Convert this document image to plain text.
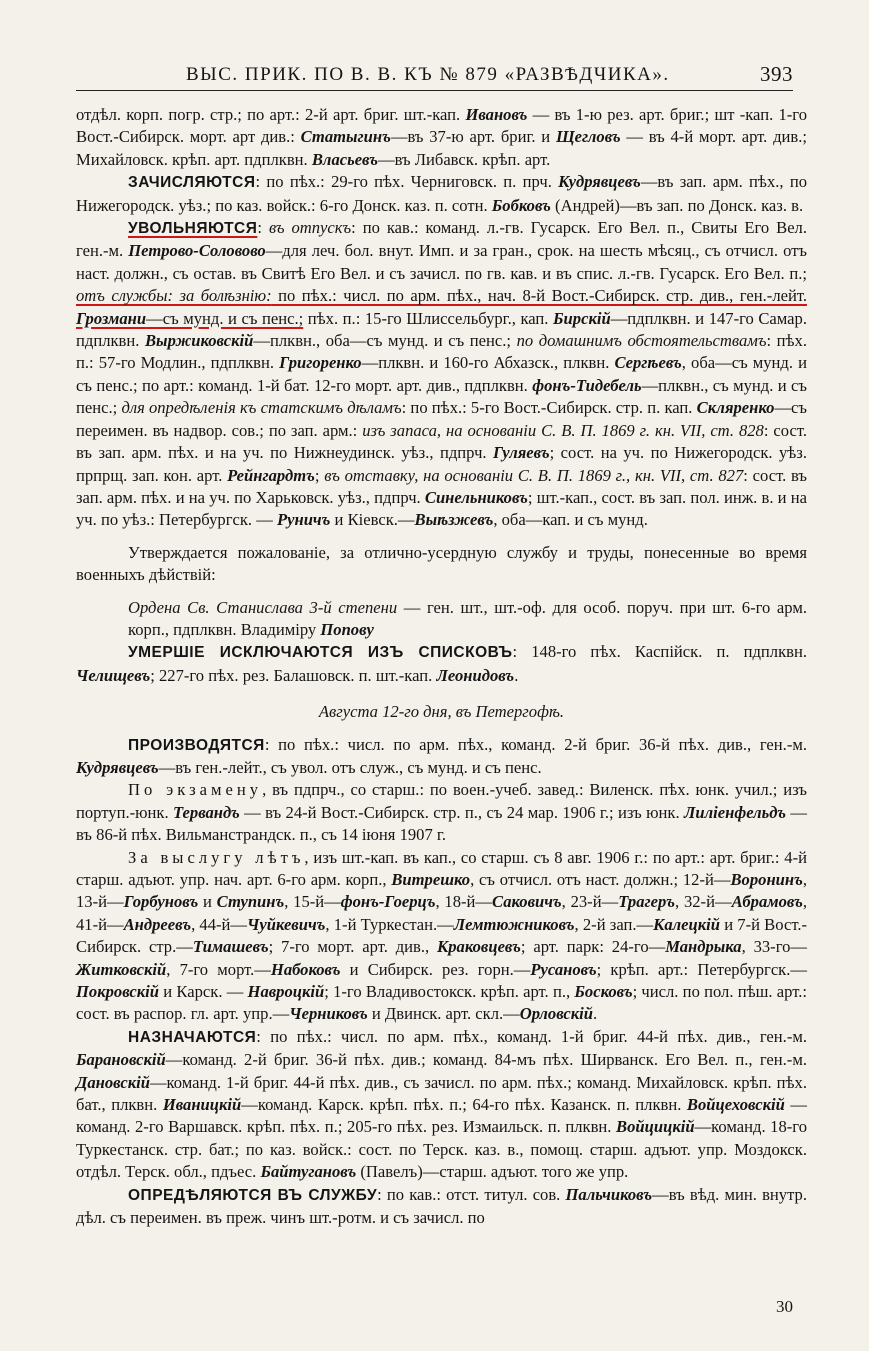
ВЫС. ПРИК. ПО В. В. КЪ № 879 «РАЗВѢДЧИКА».	393

отдѣл. корп. погр. стр.; по арт.: 2-й арт. бриг. шт.-кап. Ивановъ — въ 1-ю рез. арт. бриг.; шт -кап. 1-го Вост.-Сибирск. морт. арт див.: Статыгинъ—въ 37-ю арт. бриг. и Щегловъ — въ 4-й морт. арт. див.; Михайловск. крѣп. арт. пдплквн. Власьевъ—въ Либавск. крѣп. арт.

ЗАЧИСЛЯЮТСЯ: по пѣх.: 29-го пѣх. Черниговск. п. прч. Кудрявцевъ—въ зап. арм. пѣх., по Нижегородск. уѣз.; по каз. войск.: 6-го Донск. каз. п. сотн. Бобковъ (Андрей)—въ зап. по Донск. каз. в.

УВОЛЬНЯЮТСЯ: въ отпускъ: по кав.: команд. л.-гв. Гусарск. Его Вел. п., Свиты Его Вел. ген.-м. Петрово-Соловово—для леч. бол. внут. Имп. и за гран., срок. на шесть мѣсяц., съ отчисл. отъ наст. должн., съ остав. въ Свитѣ Его Вел. и съ зачисл. по гв. кав. и въ спис. л.-гв. Гусарск. Его Вел. п.; отъ службы: за болѣзнію: по пѣх.: числ. по арм. пѣх., нач. 8-й Вост.-Сибирск. стр. див., ген.-лейт. Грозмани—съ мунд. и съ пенс.; пѣх. п.: 15-го Шлиссельбург., кап. Бирскій—пдплквн. и 147-го Самар. пдплквн. Выржиковскій—плквн., оба—съ мунд. и съ пенс.; по домашнимъ обстоятельствамъ: пѣх. п.: 57-го Модлин., пдплквн. Григоренко—плквн. и 160-го Абхазск., плквн. Сергѣевъ, оба—съ мунд. и съ пенс.; по арт.: команд. 1-й бат. 12-го морт. арт. див., пдплквн. фонъ-Тидебель—плквн., съ мунд. и съ пенс.; для опредѣленія къ статскимъ дѣламъ: по пѣх.: 5-го Вост.-Сибирск. стр. п. кап. Скляренко—съ переимен. въ надвор. сов.; по зап. арм.: изъ запаса, на основаніи С. В. П. 1869 г. кн. VII, ст. 828: сост. въ зап. арм. пѣх. и на уч. по Нижнеудинск. уѣз., пдпрч. Гуляевъ; сост. на уч. по Нижегородск. уѣз. прпрщ. зап. кон. арт. Рейнгардтъ; въ отставку, на основаніи С. В. П. 1869 г., кн. VII, ст. 827: сост. въ зап. арм. пѣх. и на уч. по Харьковск. уѣз., пдпрч. Синельниковъ; шт.-кап., сост. въ зап. пол. инж. в. и на уч. по уѣз.: Петербургск. — Руничъ и Кіевск.—Выѣзжевъ, оба—кап. и съ мунд.

Утверждается пожалованіе, за отлично-усердную службу и труды, понесенные во время военныхъ дѣйствій:

Ордена Св. Станислава 3-й степени — ген. шт., шт.-оф. для особ. поруч. при шт. 6-го арм. корп., пдплквн. Владиміру Попову

УМЕРШІЕ ИСКЛЮЧАЮТСЯ ИЗЪ СПИСКОВЪ: 148-го пѣх. Каспійск. п. пдплквн. Челищевъ; 227-го пѣх. рез. Балашовск. п. шт.-кап. Леонидовъ.

Августа 12-го дня, въ Петергофѣ.

ПРОИЗВОДЯТСЯ: по пѣх.: числ. по арм. пѣх., команд. 2-й бриг. 36-й пѣх. див., ген.-м. Кудрявцевъ—въ ген.-лейт., съ увол. отъ служ., съ мунд. и съ пенс.

По экзамену, въ пдпрч., со старш.: по воен.-учеб. завед.: Виленск. пѣх. юнк. учил.; изъ портуп.-юнк. Тервандъ — въ 24-й Вост.-Сибирск. стр. п., съ 24 мар. 1906 г.; изъ юнк. Лиліенфельдъ — въ 86-й пѣх. Вильманстрандск. п., съ 14 іюня 1907 г.

За выслугу лѣтъ, изъ шт.-кап. въ кап., со старш. съ 8 авг. 1906 г.: по арт.: арт. бриг.: 4-й старш. адъют. упр. нач. арт. 6-го арм. корп., Витрешко, съ отчисл. отъ наст. должн.; 12-й—Воронинъ, 13-й—Горбуновъ и Ступинъ, 15-й—фонъ-Гоерцъ, 18-й—Саковичъ, 23-й—Трагеръ, 32-й—Абрамовъ, 41-й—Андреевъ, 44-й—Чуйкевичъ, 1-й Туркестан.—Лемтюжниковъ, 2-й зап.—Калецкій и 7-й Вост.-Сибирск. стр.—Тимашевъ; 7-го морт. арт. див., Краковцевъ; арт. парк: 24-го—Мандрыка, 33-го—Житковскій, 7-го морт.—Набоковъ и Сибирск. рез. горн.—Русановъ; крѣп. арт.: Петербургск.—Покровскій и Карск. — Навроцкій; 1-го Владивостокск. крѣп. арт. п., Босковъ; числ. по пол. пѣш. арт.: сост. въ распор. гл. арт. упр.—Черниковъ и Двинск. арт. скл.—Орловскій.

НАЗНАЧАЮТСЯ: по пѣх.: числ. по арм. пѣх., команд. 1-й бриг. 44-й пѣх. див., ген.-м. Барановскій—команд. 2-й бриг. 36-й пѣх. див.; команд. 84-мъ пѣх. Ширванск. Его Вел. п., ген.-м. Дановскій—команд. 1-й бриг. 44-й пѣх. див., съ зачисл. по арм. пѣх.; команд. Михайловск. крѣп. пѣх. бат., плквн. Иваницкій—команд. Карск. крѣп. пѣх. п.; 64-го пѣх. Казанск. п. плквн. Войцеховскій — команд. 2-го Варшавск. крѣп. пѣх. п.; 205-го пѣх. рез. Измаильск. п. плквн. Войцицкій—команд. 18-го Туркестанск. стр. бат.; по каз. войск.: сост. по Терск. каз. в., помощ. старш. адъют. упр. Моздокск. отдѣл. Терск. обл., пдъес. Байтугановъ (Павелъ)—старш. адъют. того же упр.

ОПРЕДѢЛЯЮТСЯ ВЪ СЛУЖБУ: по кав.: отст. титул. сов. Пальчиковъ—въ вѣд. мин. внутр. дѣл. съ переимен. въ преж. чинъ шт.-ротм. и съ зачисл. по

30
